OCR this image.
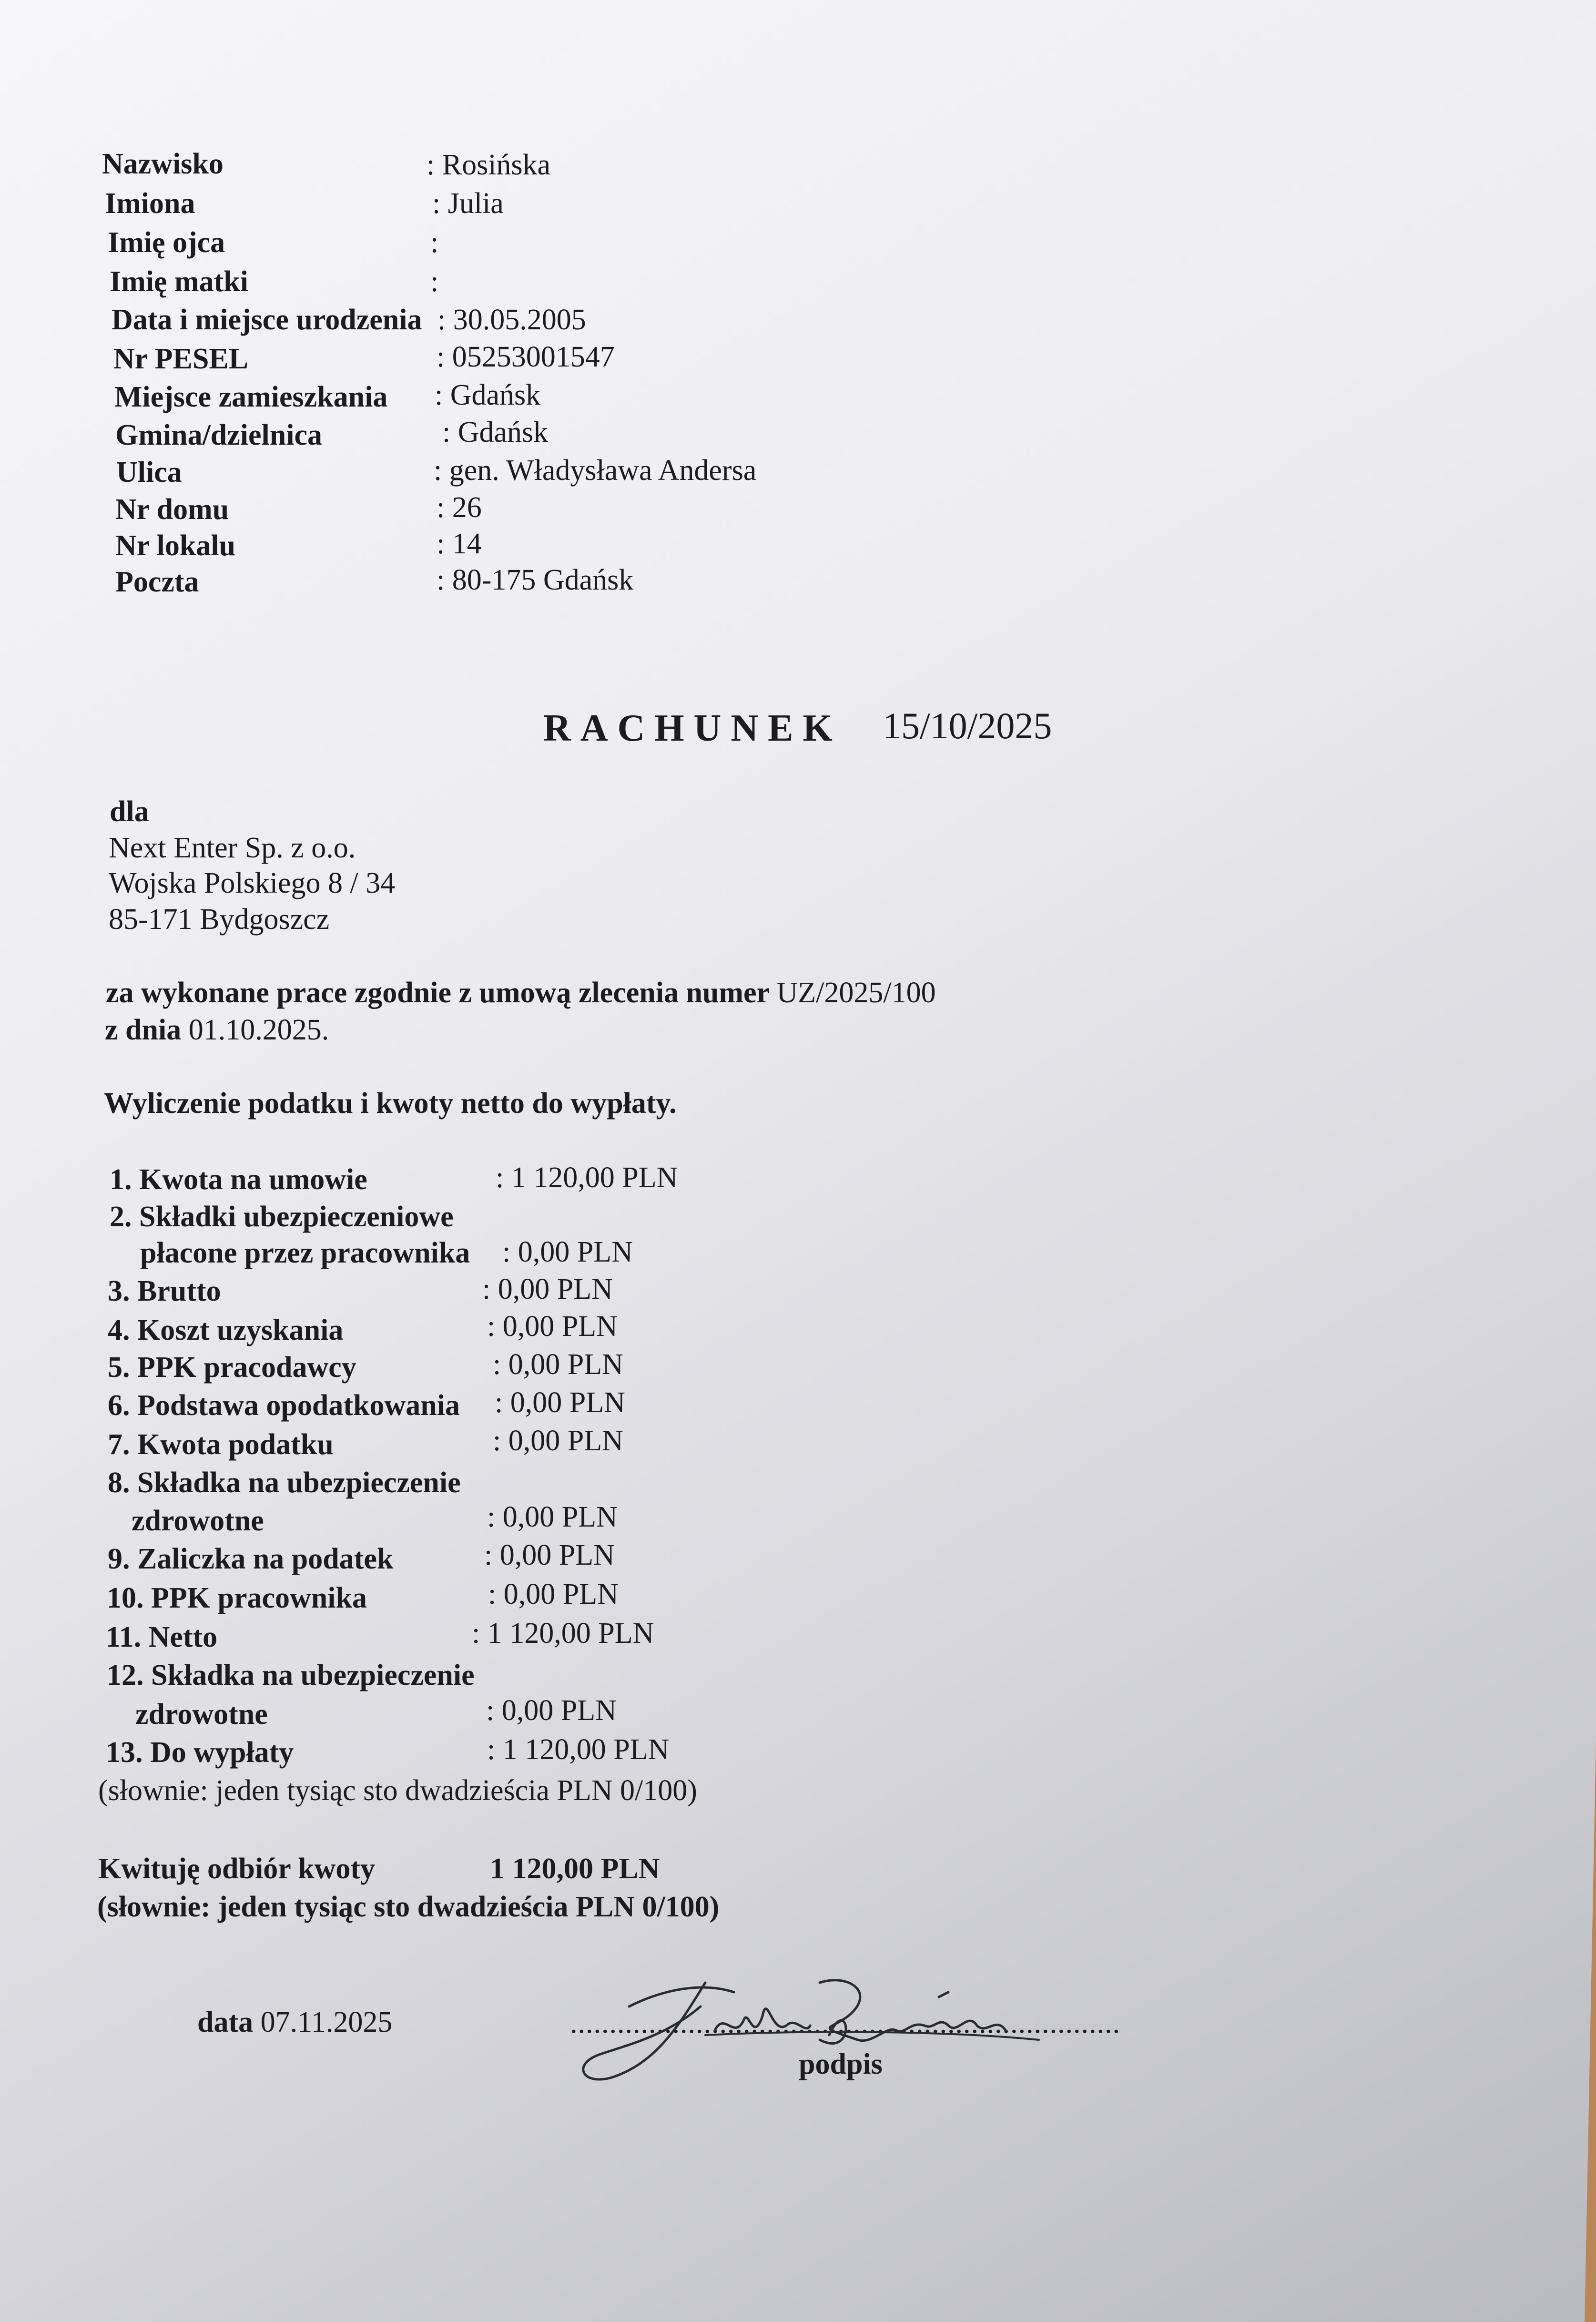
Nazwisko	: Rosińska
Imiona	: Julia
Imię ojca	:
Imię matki	:
Data i miejsce urodzenia : 30.05.2005
Nr PESEL	: 05253001547
Miejsce zamieszkania : Gdańsk
Gmina/dzielnica	: Gdańsk
Ulica	: gen. Władysława Andersa
Nr domu	: 26
Nr lokalu	: 14
Poczta	: 80-175 Gdańsk
RACHUNEK 15/10/2025
dla
Next Enter Sp. z o.o.
Wojska Polskiego 8 / 34
85-171 Bydgoszcz
za wykonane prace zgodnie z umową zlecenia numer UZ/2025/100
z dnia 01.10.2025.
Wyliczenie podatku i kwoty netto do wypłaty.
1. Kwota na umowie	: 1 120,00 PLN
2. Składki ubezpieczeniowe
płacone przez pracownika : 0,00 PLN
3. Brutto	: 0,00 PLN
4. Koszt uzyskania	: 0,00 PLN
5. PPK pracodawcy	: 0,00 PLN
6. Podstawa opodatkowania : 0,00 PLN
7. Kwota podatku	: 0,00 PLN
8. Składka na ubezpieczenie
zdrowotne	: 0,00 PLN
9. Zaliczka na podatek	: 0,00 PLN
10. PPK pracownika	: 0,00 PLN
11. Netto	: 1 120,00 PLN
12. Składka na ubezpieczenie
zdrowotne	: 0,00 PLN
13. Do wypłaty	: 1 120,00 PLN
(słownie: jeden tysiąc sto dwadzieścia PLN 0/100)
Kwituję odbiór kwoty	1 120,00 PLN
(słownie: jeden tysiąc sto dwadzieścia PLN 0/100)
data 07.11.2025	......................................................................
podpis
